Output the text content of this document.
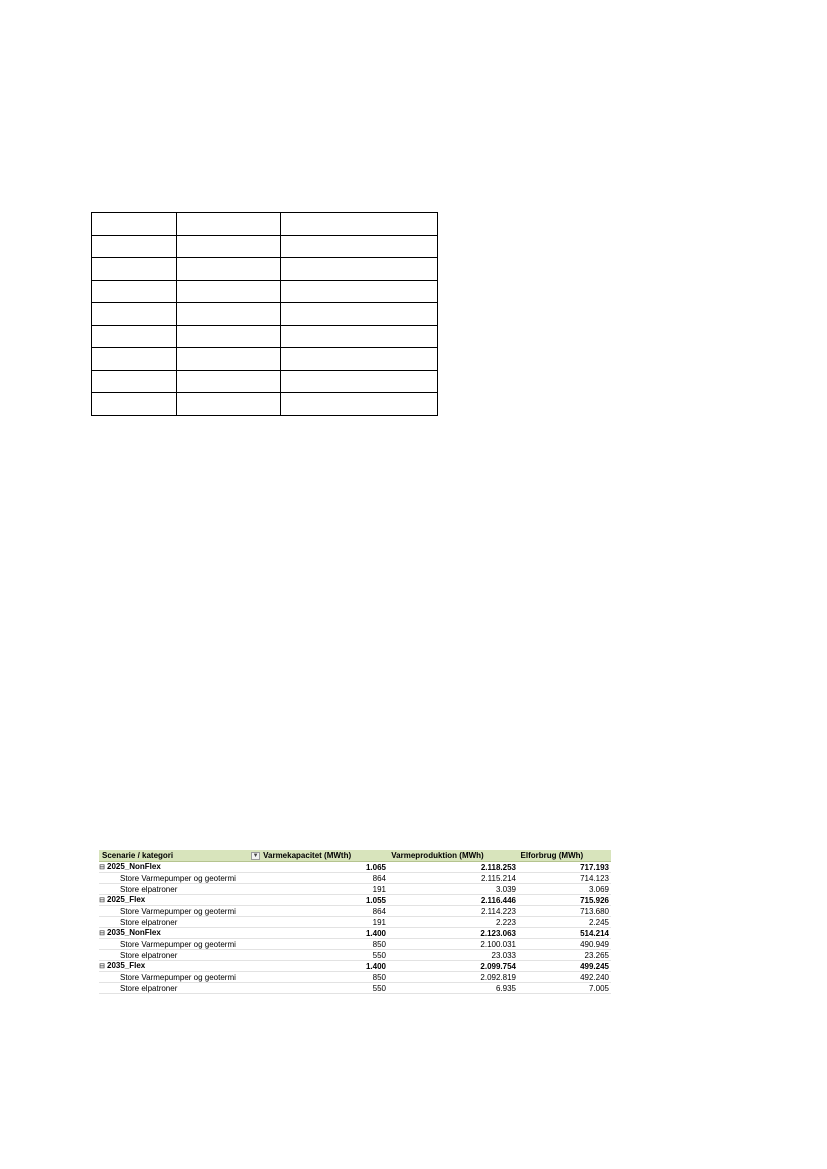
Scenarie / kategori	▼ Varmekapacitet (MWth)	Varmeproduktion (MWh)	Elforbrug (MWh)
⊟ 2025_NonFlex	1.065	2.118.253	717.193
Store Varmepumper og geotermi	864	2.115.214	714.123
Store elpatroner	191	3.039	3.069
⊟ 2025_Flex	1.055	2.116.446	715.926
Store Varmepumper og geotermi	864	2.114.223	713.680
Store elpatroner	191	2.223	2.245
⊟ 2035_NonFlex	1.400	2.123.063	514.214
Store Varmepumper og geotermi	850	2.100.031	490.949
Store elpatroner	550	23.033	23.265
⊟ 2035_Flex	1.400	2.099.754	499.245
Store Varmepumper og geotermi	850	2.092.819	492.240
Store elpatroner	550	6.935	7.005
